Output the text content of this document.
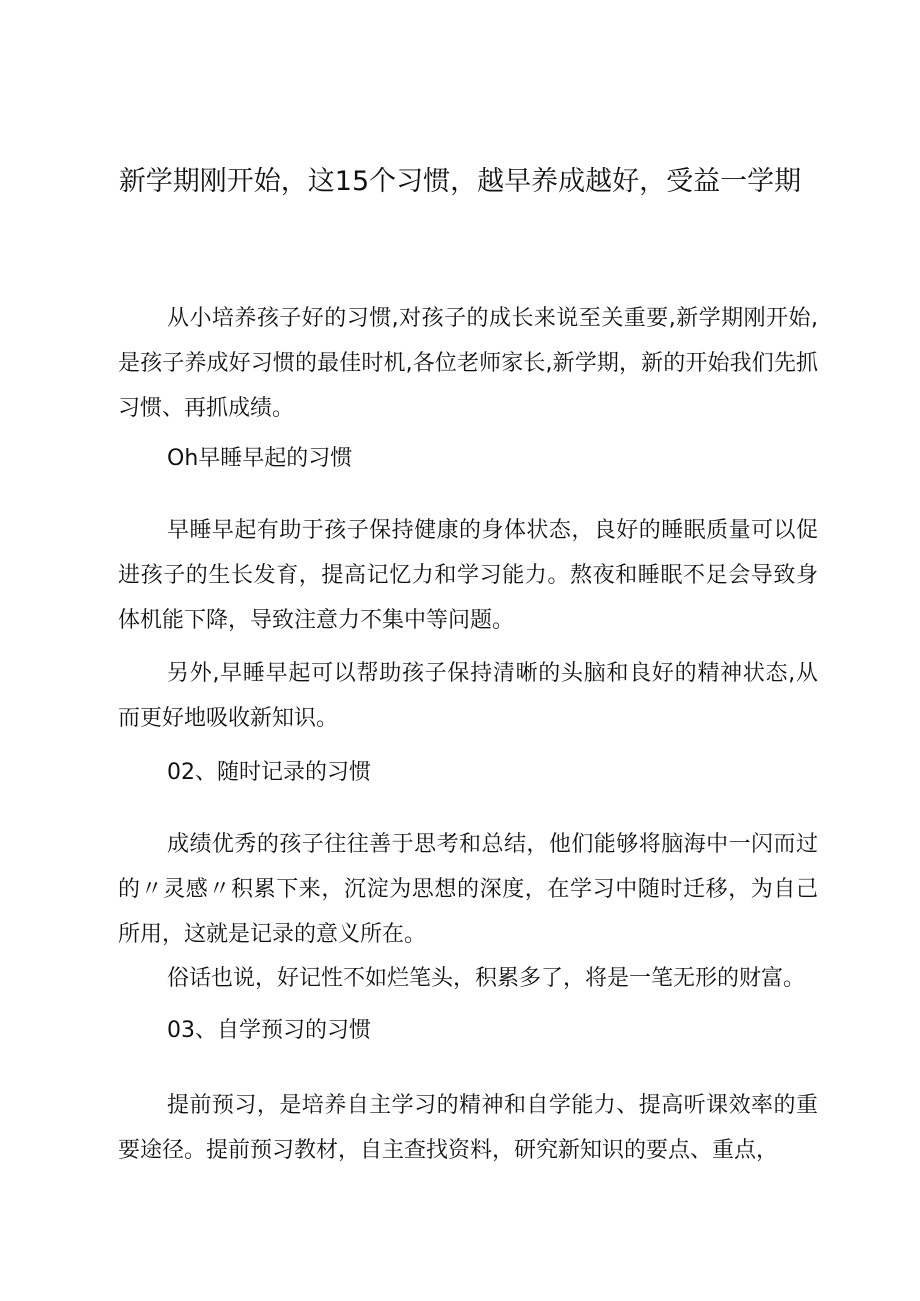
新学期刚开始，这15个习惯，越早养成越好，受益一学期

从小培养孩子好的习惯,对孩子的成长来说至关重要,新学期刚开始,是孩子养成好习惯的最佳时机,各位老师家长,新学期，新的开始我们先抓习惯、再抓成绩。

Oh早睡早起的习惯

早睡早起有助于孩子保持健康的身体状态，良好的睡眠质量可以促进孩子的生长发育，提高记忆力和学习能力。熬夜和睡眠不足会导致身体机能下降，导致注意力不集中等问题。

另外,早睡早起可以帮助孩子保持清晰的头脑和良好的精神状态,从而更好地吸收新知识。

02、随时记录的习惯

成绩优秀的孩子往往善于思考和总结，他们能够将脑海中一闪而过的〃灵感〃积累下来，沉淀为思想的深度，在学习中随时迁移，为自己所用，这就是记录的意义所在。

俗话也说，好记性不如烂笔头，积累多了，将是一笔无形的财富。

03、自学预习的习惯

提前预习，是培养自主学习的精神和自学能力、提高听课效率的重要途径。提前预习教材，自主查找资料，研究新知识的要点、重点，
